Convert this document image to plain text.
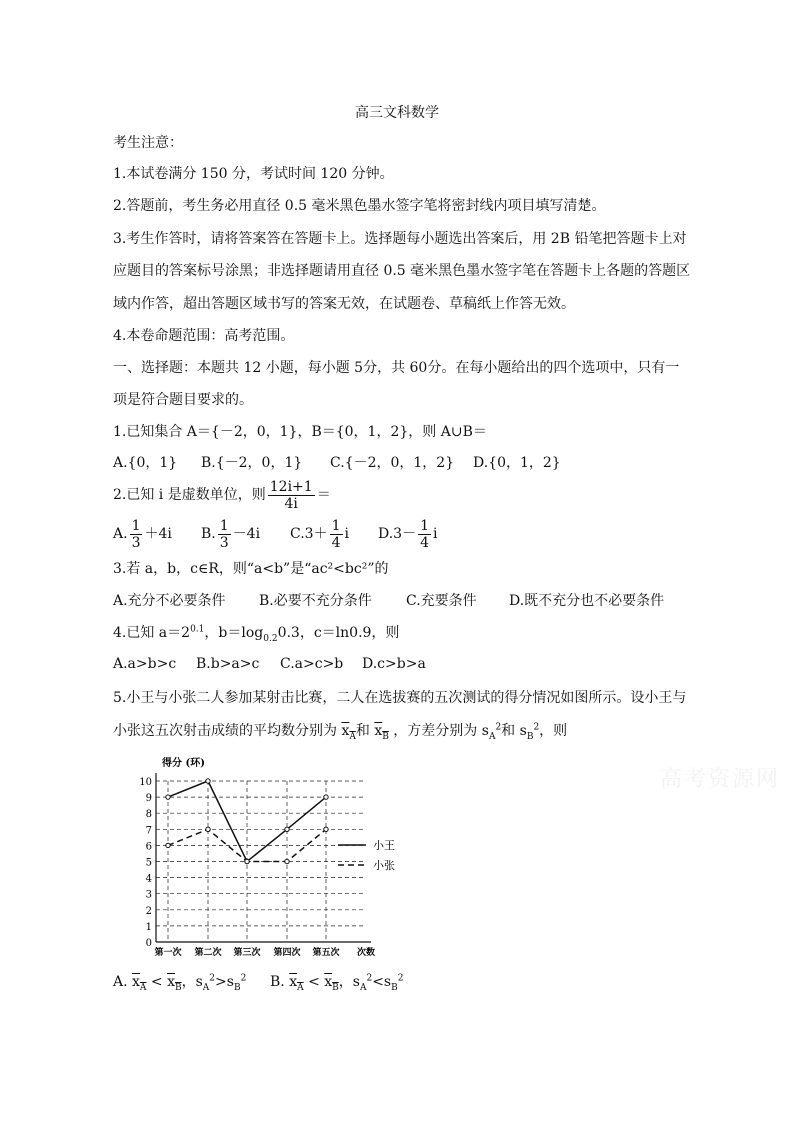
高三文科数学
考生注意：
1.本试卷满分 150 分，考试时间 120 分钟。
2.答题前，考生务必用直径 0.5 毫米黑色墨水签字笔将密封线内项目填写清楚。
3.考生作答时，请将答案答在答题卡上。选择题每小题选出答案后，用 2B 铅笔把答题卡上对
应题目的答案标号涂黑；非选择题请用直径 0.5 毫米黑色墨水签字笔在答题卡上各题的答题区
域内作答，超出答题区域书写的答案无效，在试题卷、草稿纸上作答无效。
4.本卷命题范围：高考范围。
一、选择题：本题共 12 小题，每小题 5分，共 60分。在每小题给出的四个选项中，只有一
项是符合题目要求的。
1.已知集合 A＝{－2，0，1}，B＝{0，1，2}，则 A∪B＝
A.{0，1} B.{－2，0，1} C.{－2，0，1，2} D.{0，1，2}
2.已知 i 是虚数单位，则 $\frac{12i+1}{4i}$ ＝
A. $\frac{1}{3} +4i$ B. $\frac{1}{3} -4i$ $C.3+ \frac{1}{4}$ i $D.3- \frac{1}{4}$ i
3.若 a，b，c∈R，则“a<b”是“ac²<bc²”的
A.充分不必要条件 B.必要不充分条件 C.充要条件 D.既不充分也不必要条件
4.已知 $a=2^{0.1}$，$b=\log_{0.2}0.3$，c＝ln0.9，则
A.a>b>c B.b>a>c C.a>c>b D.c>b>a
5.小王与小张二人参加某射击比赛，二人在选拔赛的五次测试的得分情况如图所示。设小王与
小张这五次射击成绩的平均数分别为 $x_A$和 $x_B$ ，方差分别为 $s_A^2$和 $s_B^2$，则
高考资源网
0
1
2
3
4
5
6
7
8
9
10
得分 (环)
第一次 第二次 第三次 第四次 第五次 次数
小王
小张
A. $x_A < x_B$，$s_A^2>s_B^2$ B. $x_A < x_B$，$s_A^2<s_B^2$
